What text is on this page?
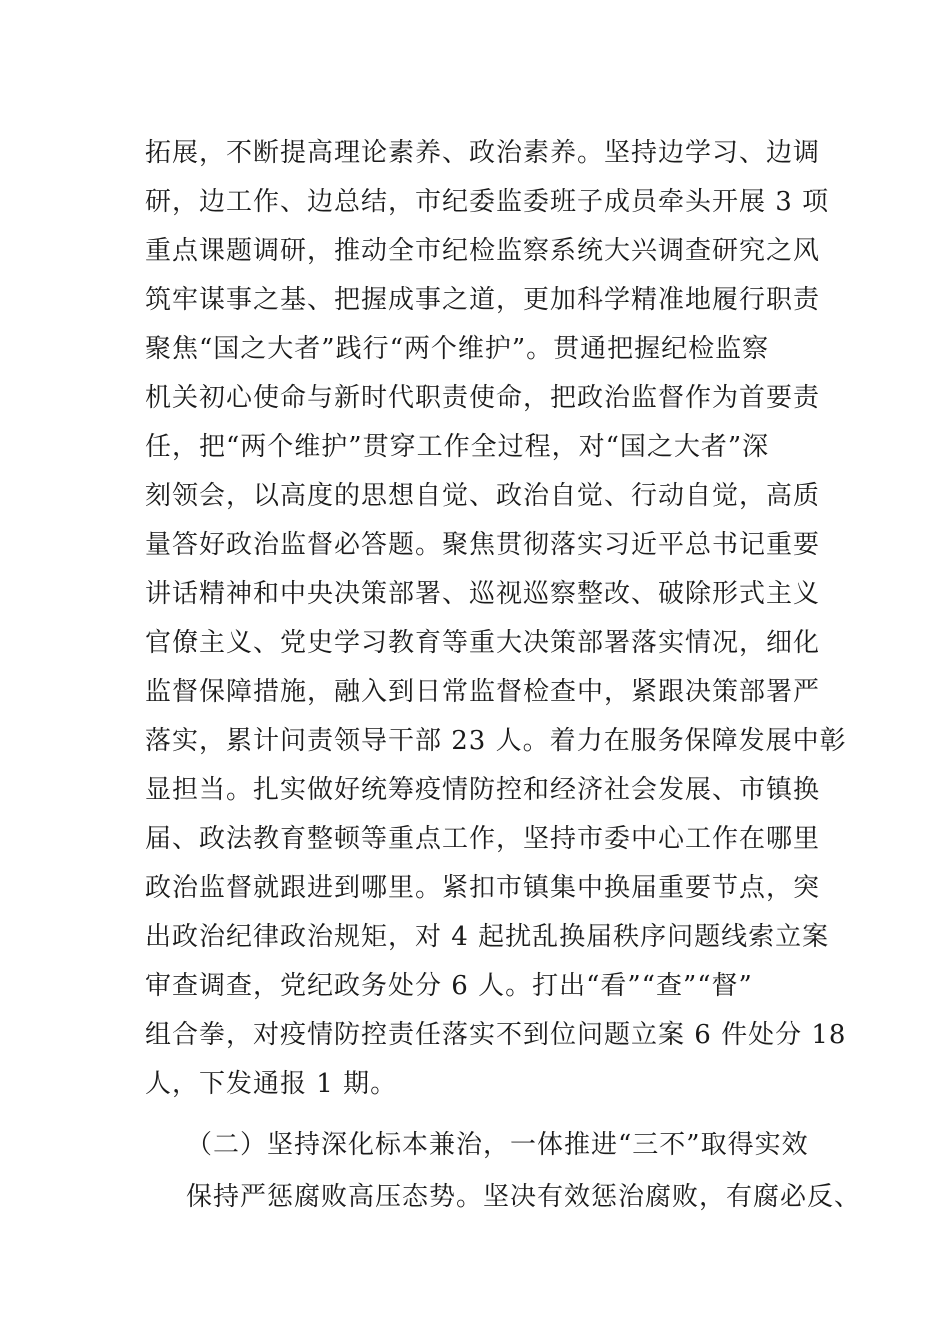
拓展，不断提高理论素养、政治素养。坚持边学习、边调
研，边工作、边总结，市纪委监委班子成员牵头开展 3 项
重点课题调研，推动全市纪检监察系统大兴调查研究之风
筑牢谋事之基、把握成事之道，更加科学精准地履行职责
聚焦“国之大者”践行“两个维护”。贯通把握纪检监察
机关初心使命与新时代职责使命，把政治监督作为首要责
任，把“两个维护”贯穿工作全过程，对“国之大者”深
刻领会，以高度的思想自觉、政治自觉、行动自觉，高质
量答好政治监督必答题。聚焦贯彻落实习近平总书记重要
讲话精神和中央决策部署、巡视巡察整改、破除形式主义
官僚主义、党史学习教育等重大决策部署落实情况，细化
监督保障措施，融入到日常监督检查中，紧跟决策部署严
落实，累计问责领导干部 23 人。着力在服务保障发展中彰
显担当。扎实做好统筹疫情防控和经济社会发展、市镇换
届、政法教育整顿等重点工作，坚持市委中心工作在哪里
政治监督就跟进到哪里。紧扣市镇集中换届重要节点，突
出政治纪律政治规矩，对 4 起扰乱换届秩序问题线索立案
审查调查，党纪政务处分 6 人。打出“看”“查”“督”
组合拳，对疫情防控责任落实不到位问题立案 6 件处分 18
人，下发通报 1 期。
（二）坚持深化标本兼治，一体推进“三不”取得实效
保持严惩腐败高压态势。坚决有效惩治腐败，有腐必反、
